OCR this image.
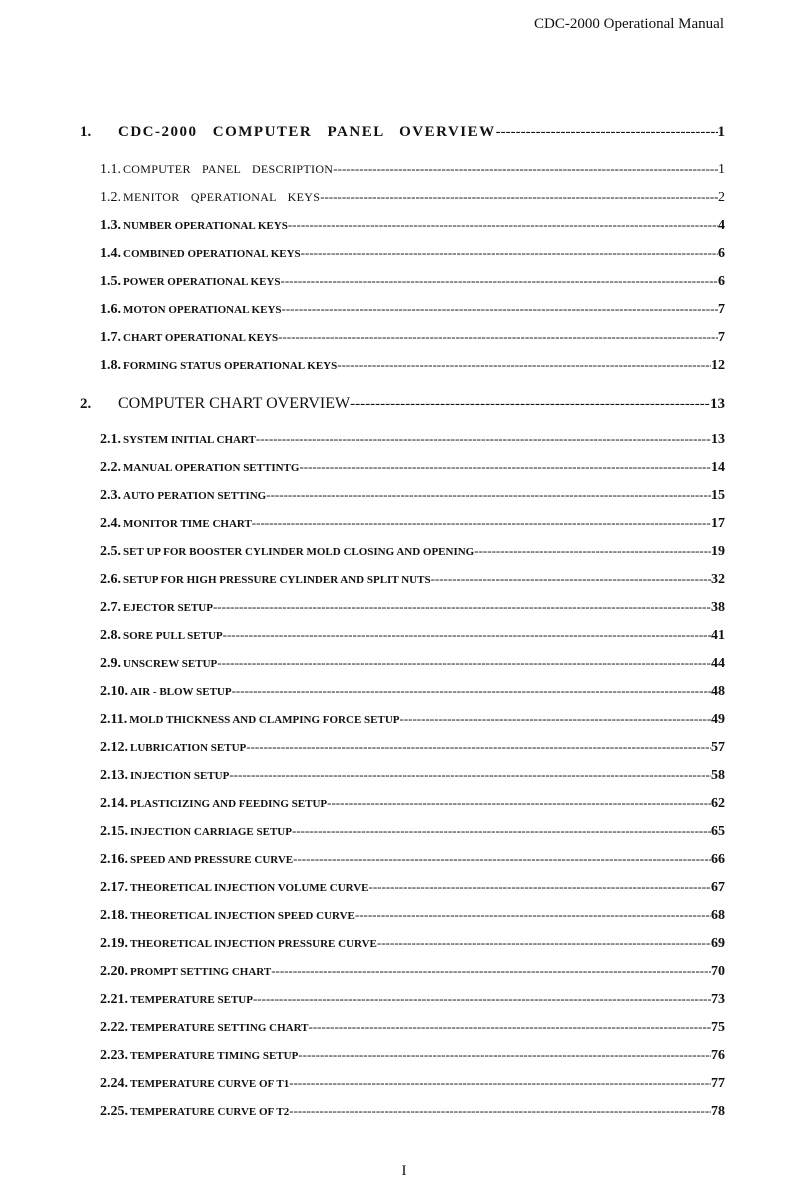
CDC-2000 Operational Manual
1.	CDC-2000 COMPUTER PANEL OVERVIEW -----	1
1.1. COMPUTER PANEL DESCRIPTION -----	1
1.2. MENITOR QPERATIONAL KEYS -----	2
1.3. NUMBER OPERATIONAL KEYS -----	4
1.4. COMBINED OPERATIONAL KEYS -----	6
1.5. POWER OPERATIONAL KEYS -----	6
1.6. MOTON OPERATIONAL KEYS -----	7
1.7. CHART OPERATIONAL KEYS -----	7
1.8. FORMING STATUS OPERATIONAL KEYS -----	12
2.	COMPUTER CHART OVERVIEW -----	13
2.1. SYSTEM INITIAL CHART -----	13
2.2. MANUAL OPERATION SETTINTG -----	14
2.3. AUTO PERATION SETTING -----	15
2.4. MONITOR TIME CHART -----	17
2.5. SET UP FOR BOOSTER CYLINDER MOLD CLOSING AND OPENING -----	19
2.6. SETUP FOR HIGH PRESSURE CYLINDER AND SPLIT NUTS -----	32
2.7. EJECTOR SETUP -----	38
2.8. SORE PULL SETUP -----	41
2.9. UNSCREW SETUP -----	44
2.10. AIR - BLOW SETUP -----	48
2.11. MOLD THICKNESS AND CLAMPING FORCE SETUP -----	49
2.12. LUBRICATION SETUP -----	57
2.13. INJECTION SETUP -----	58
2.14. PLASTICIZING AND FEEDING SETUP -----	62
2.15. INJECTION CARRIAGE SETUP -----	65
2.16. SPEED AND PRESSURE CURVE -----	66
2.17. THEORETICAL INJECTION VOLUME CURVE -----	67
2.18. THEORETICAL INJECTION SPEED CURVE -----	68
2.19. THEORETICAL INJECTION PRESSURE CURVE -----	69
2.20. PROMPT SETTING CHART -----	70
2.21. TEMPERATURE SETUP -----	73
2.22. TEMPERATURE SETTING CHART -----	75
2.23. TEMPERATURE TIMING SETUP -----	76
2.24. TEMPERATURE CURVE OF T1 -----	77
2.25. TEMPERATURE CURVE OF T2 -----	78
I
